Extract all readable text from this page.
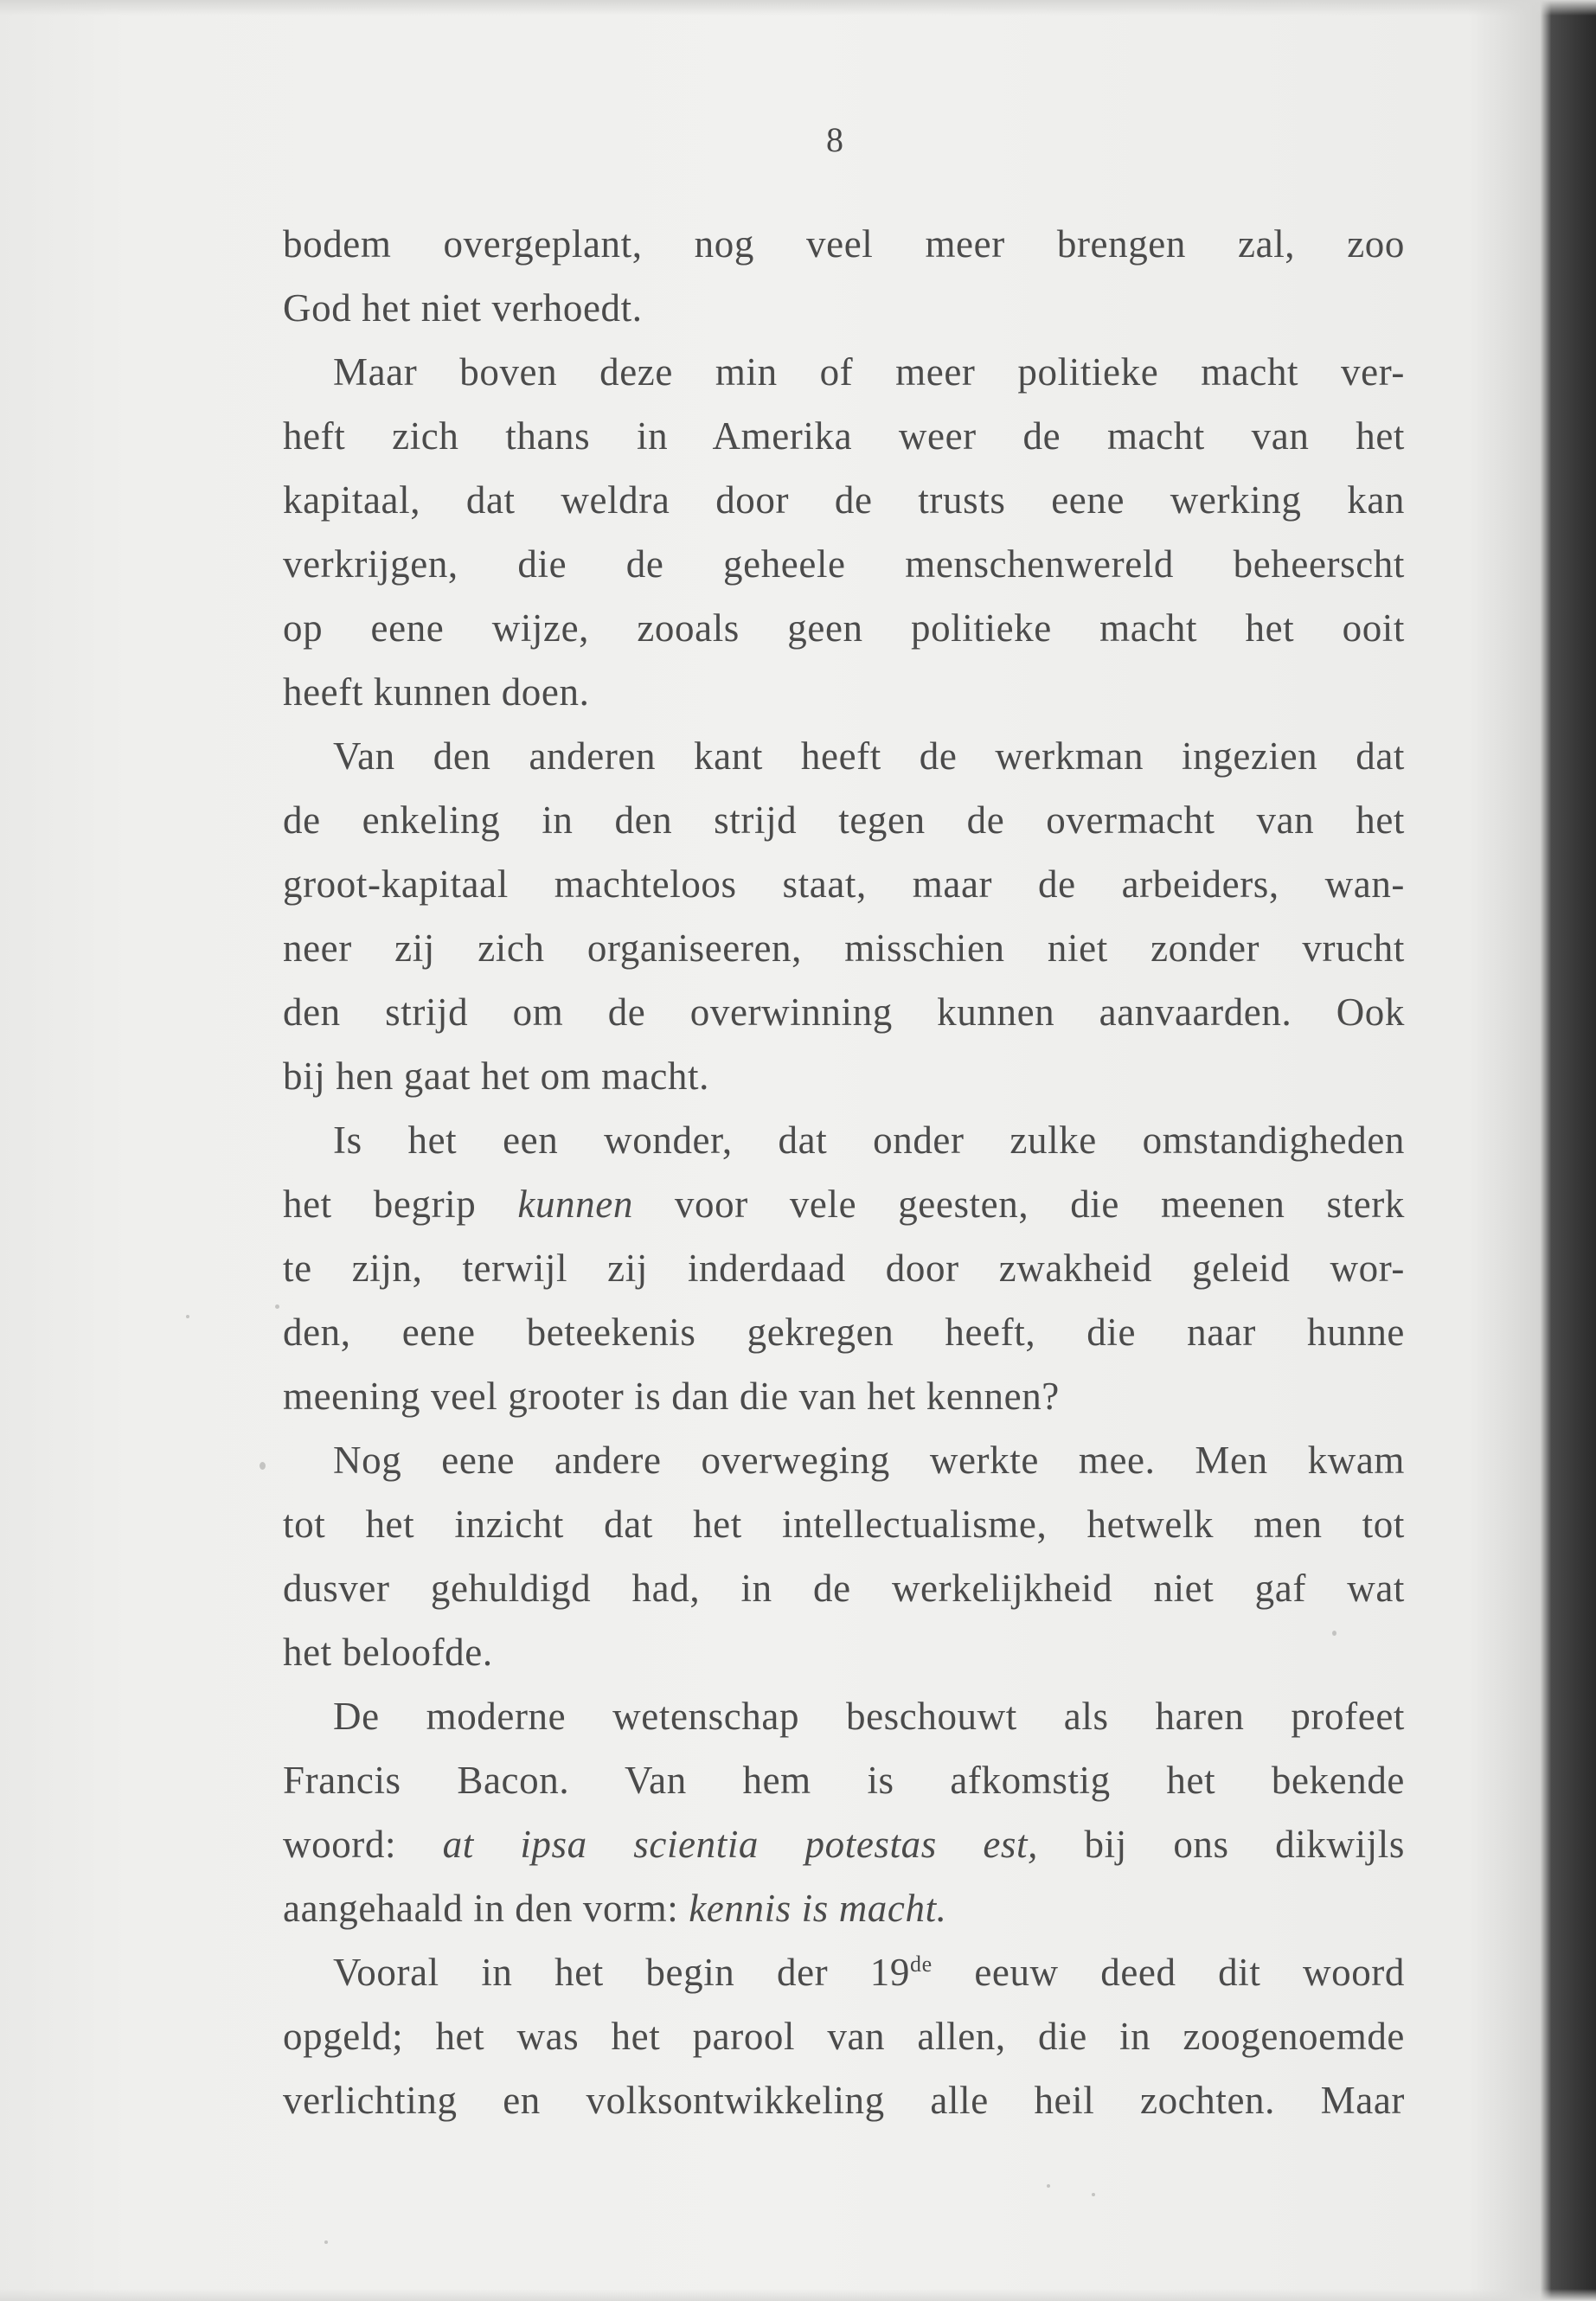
8
bodem overgeplant, nog veel meer brengen zal, zoo
God het niet verhoedt.
Maar boven deze min of meer politieke macht ver-
heft zich thans in Amerika weer de macht van het
kapitaal, dat weldra door de trusts eene werking kan
verkrijgen, die de geheele menschenwereld beheerscht
op eene wijze, zooals geen politieke macht het ooit
heeft kunnen doen.
Van den anderen kant heeft de werkman ingezien dat
de enkeling in den strijd tegen de overmacht van het
groot-kapitaal machteloos staat, maar de arbeiders, wan-
neer zij zich organiseeren, misschien niet zonder vrucht
den strijd om de overwinning kunnen aanvaarden. Ook
bij hen gaat het om macht.
Is het een wonder, dat onder zulke omstandigheden
het begrip kunnen voor vele geesten, die meenen sterk
te zijn, terwijl zij inderdaad door zwakheid geleid wor-
den, eene beteekenis gekregen heeft, die naar hunne
meening veel grooter is dan die van het kennen?
Nog eene andere overweging werkte mee. Men kwam
tot het inzicht dat het intellectualisme, hetwelk men tot
dusver gehuldigd had, in de werkelijkheid niet gaf wat
het beloofde.
De moderne wetenschap beschouwt als haren profeet
Francis Bacon. Van hem is afkomstig het bekende
woord: at ipsa scientia potestas est, bij ons dikwijls
aangehaald in den vorm: kennis is macht.
Vooral in het begin der 19de eeuw deed dit woord
opgeld; het was het parool van allen, die in zoogenoemde
verlichting en volksontwikkeling alle heil zochten. Maar
